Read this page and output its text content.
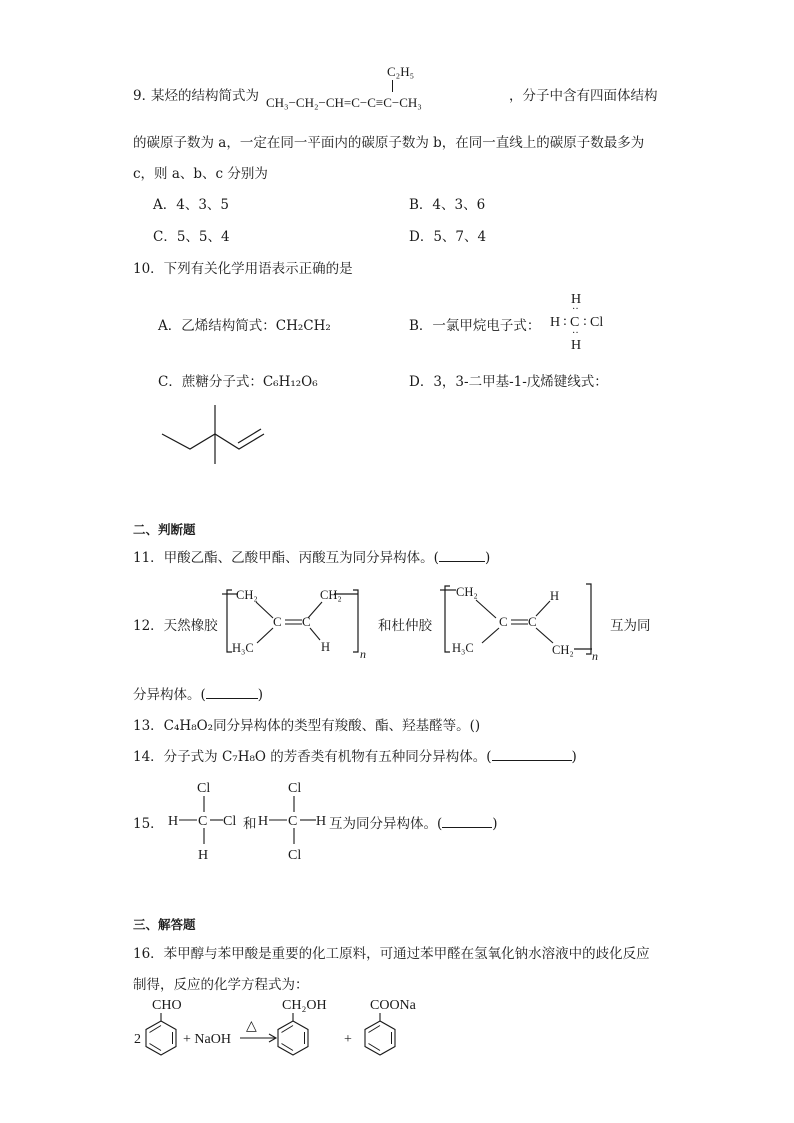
9．
某烃的结构简式为
C₂H₅
CH₃−CH₂−CH=C−C≡C−CH₃	，分子中含有四面体结构
的碳原子数为 a，一定在同一平面内的碳原子数为 b，在同一直线上的碳原子数最多为
c，则 a、b、c 分别为
A．4、3、5	B．4、3、6
C．5、5、4	D．5、7、4
10．下列有关化学用语表示正确的是
A．乙烯结构简式：CH₂CH₂	B．一氯甲烷电子式：
H
··
H : C : Cl
··
H
C．蔗糖分子式：C₆H₁₂O₆	D．3，3-二甲基-1-戊烯键线式：
二、判断题
11．甲酸乙酯、乙酸甲酯、丙酸互为同分异构体。(	)
12．天然橡胶
CH₂	CH₂
C C
H₃C	H n
和杜仲胶
CH₂
C C
H
H₃C	CH₂ n
互为同
分异构体。(	)
13．C₄H₈O₂同分异构体的类型有羧酸、酯、羟基醛等。()
14．分子式为 C₇H₈O 的芳香类有机物有五种同分异构体。(	)
15．
Cl
H C Cl
H
和
Cl
H C H
Cl
互为同分异构体。(	)
三、解答题
16．苯甲醇与苯甲酸是重要的化工原料，可通过苯甲醛在氢氧化钠水溶液中的歧化反应
制得，反应的化学方程式为：
2
CHO
+ NaOH
△
CH₂OH
+
COONa
